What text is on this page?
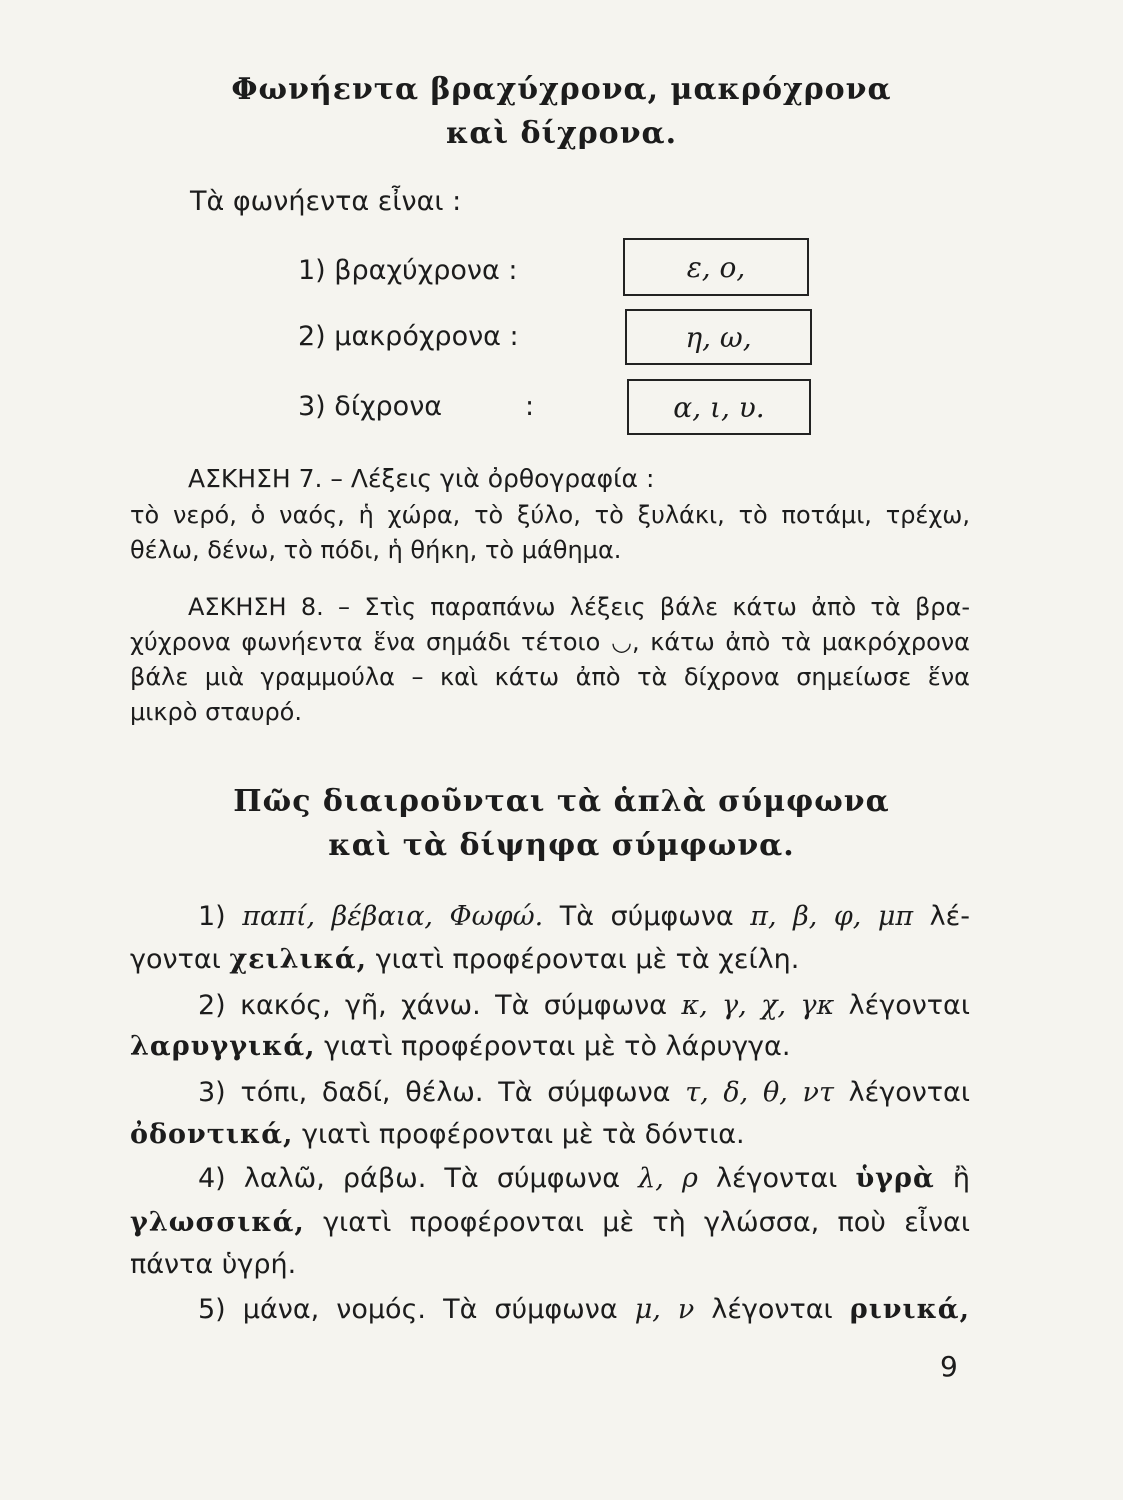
Φωνήεντα βραχύχρονα, μακρόχρονα
καὶ δίχρονα.
Τὰ φωνήεντα εἶναι :
1) βραχύχρονα :	ε, ο,
2) μακρόχρονα :	η, ω,
3) δίχρονα	:	α, ι, υ.
ΑΣΚΗΣΗ 7. – Λέξεις γιὰ ὀρθογραφία :
τὸ νερό, ὁ ναός, ἡ χώρα, τὸ ξύλο, τὸ ξυλάκι, τὸ ποτάμι, τρέχω,
θέλω, δένω, τὸ πόδι, ἡ θήκη, τὸ μάθημα.
ΑΣΚΗΣΗ 8. – Στὶς παραπάνω λέξεις βάλε κάτω ἀπὸ τὰ βρα-
χύχρονα φωνήεντα ἕνα σημάδι τέτοιο ◡, κάτω ἀπὸ τὰ μακρόχρονα
βάλε μιὰ γραμμούλα – καὶ κάτω ἀπὸ τὰ δίχρονα σημείωσε ἕνα
μικρὸ σταυρό.
Πῶς διαιροῦνται τὰ ἁπλὰ σύμφωνα
καὶ τὰ δίψηφα σύμφωνα.
1) παπί, βέβαια, Φωφώ. Τὰ σύμφωνα π, β, φ, μπ λέ-
γονται χειλικά, γιατὶ προφέρονται μὲ τὰ χείλη.
2) κακός, γῆ, χάνω. Τὰ σύμφωνα κ, γ, χ, γκ λέγονται
λαρυγγικά, γιατὶ προφέρονται μὲ τὸ λάρυγγα.
3) τόπι, δαδί, θέλω. Τὰ σύμφωνα τ, δ, θ, ντ λέγονται
ὀδοντικά, γιατὶ προφέρονται μὲ τὰ δόντια.
4) λαλῶ, ράβω. Τὰ σύμφωνα λ, ρ λέγονται ὑγρὰ ἢ
γλωσσικά, γιατὶ προφέρονται μὲ τὴ γλώσσα, ποὺ εἶναι
πάντα ὑγρή.
5) μάνα, νομός. Τὰ σύμφωνα μ, ν λέγονται ρινικά,
9
